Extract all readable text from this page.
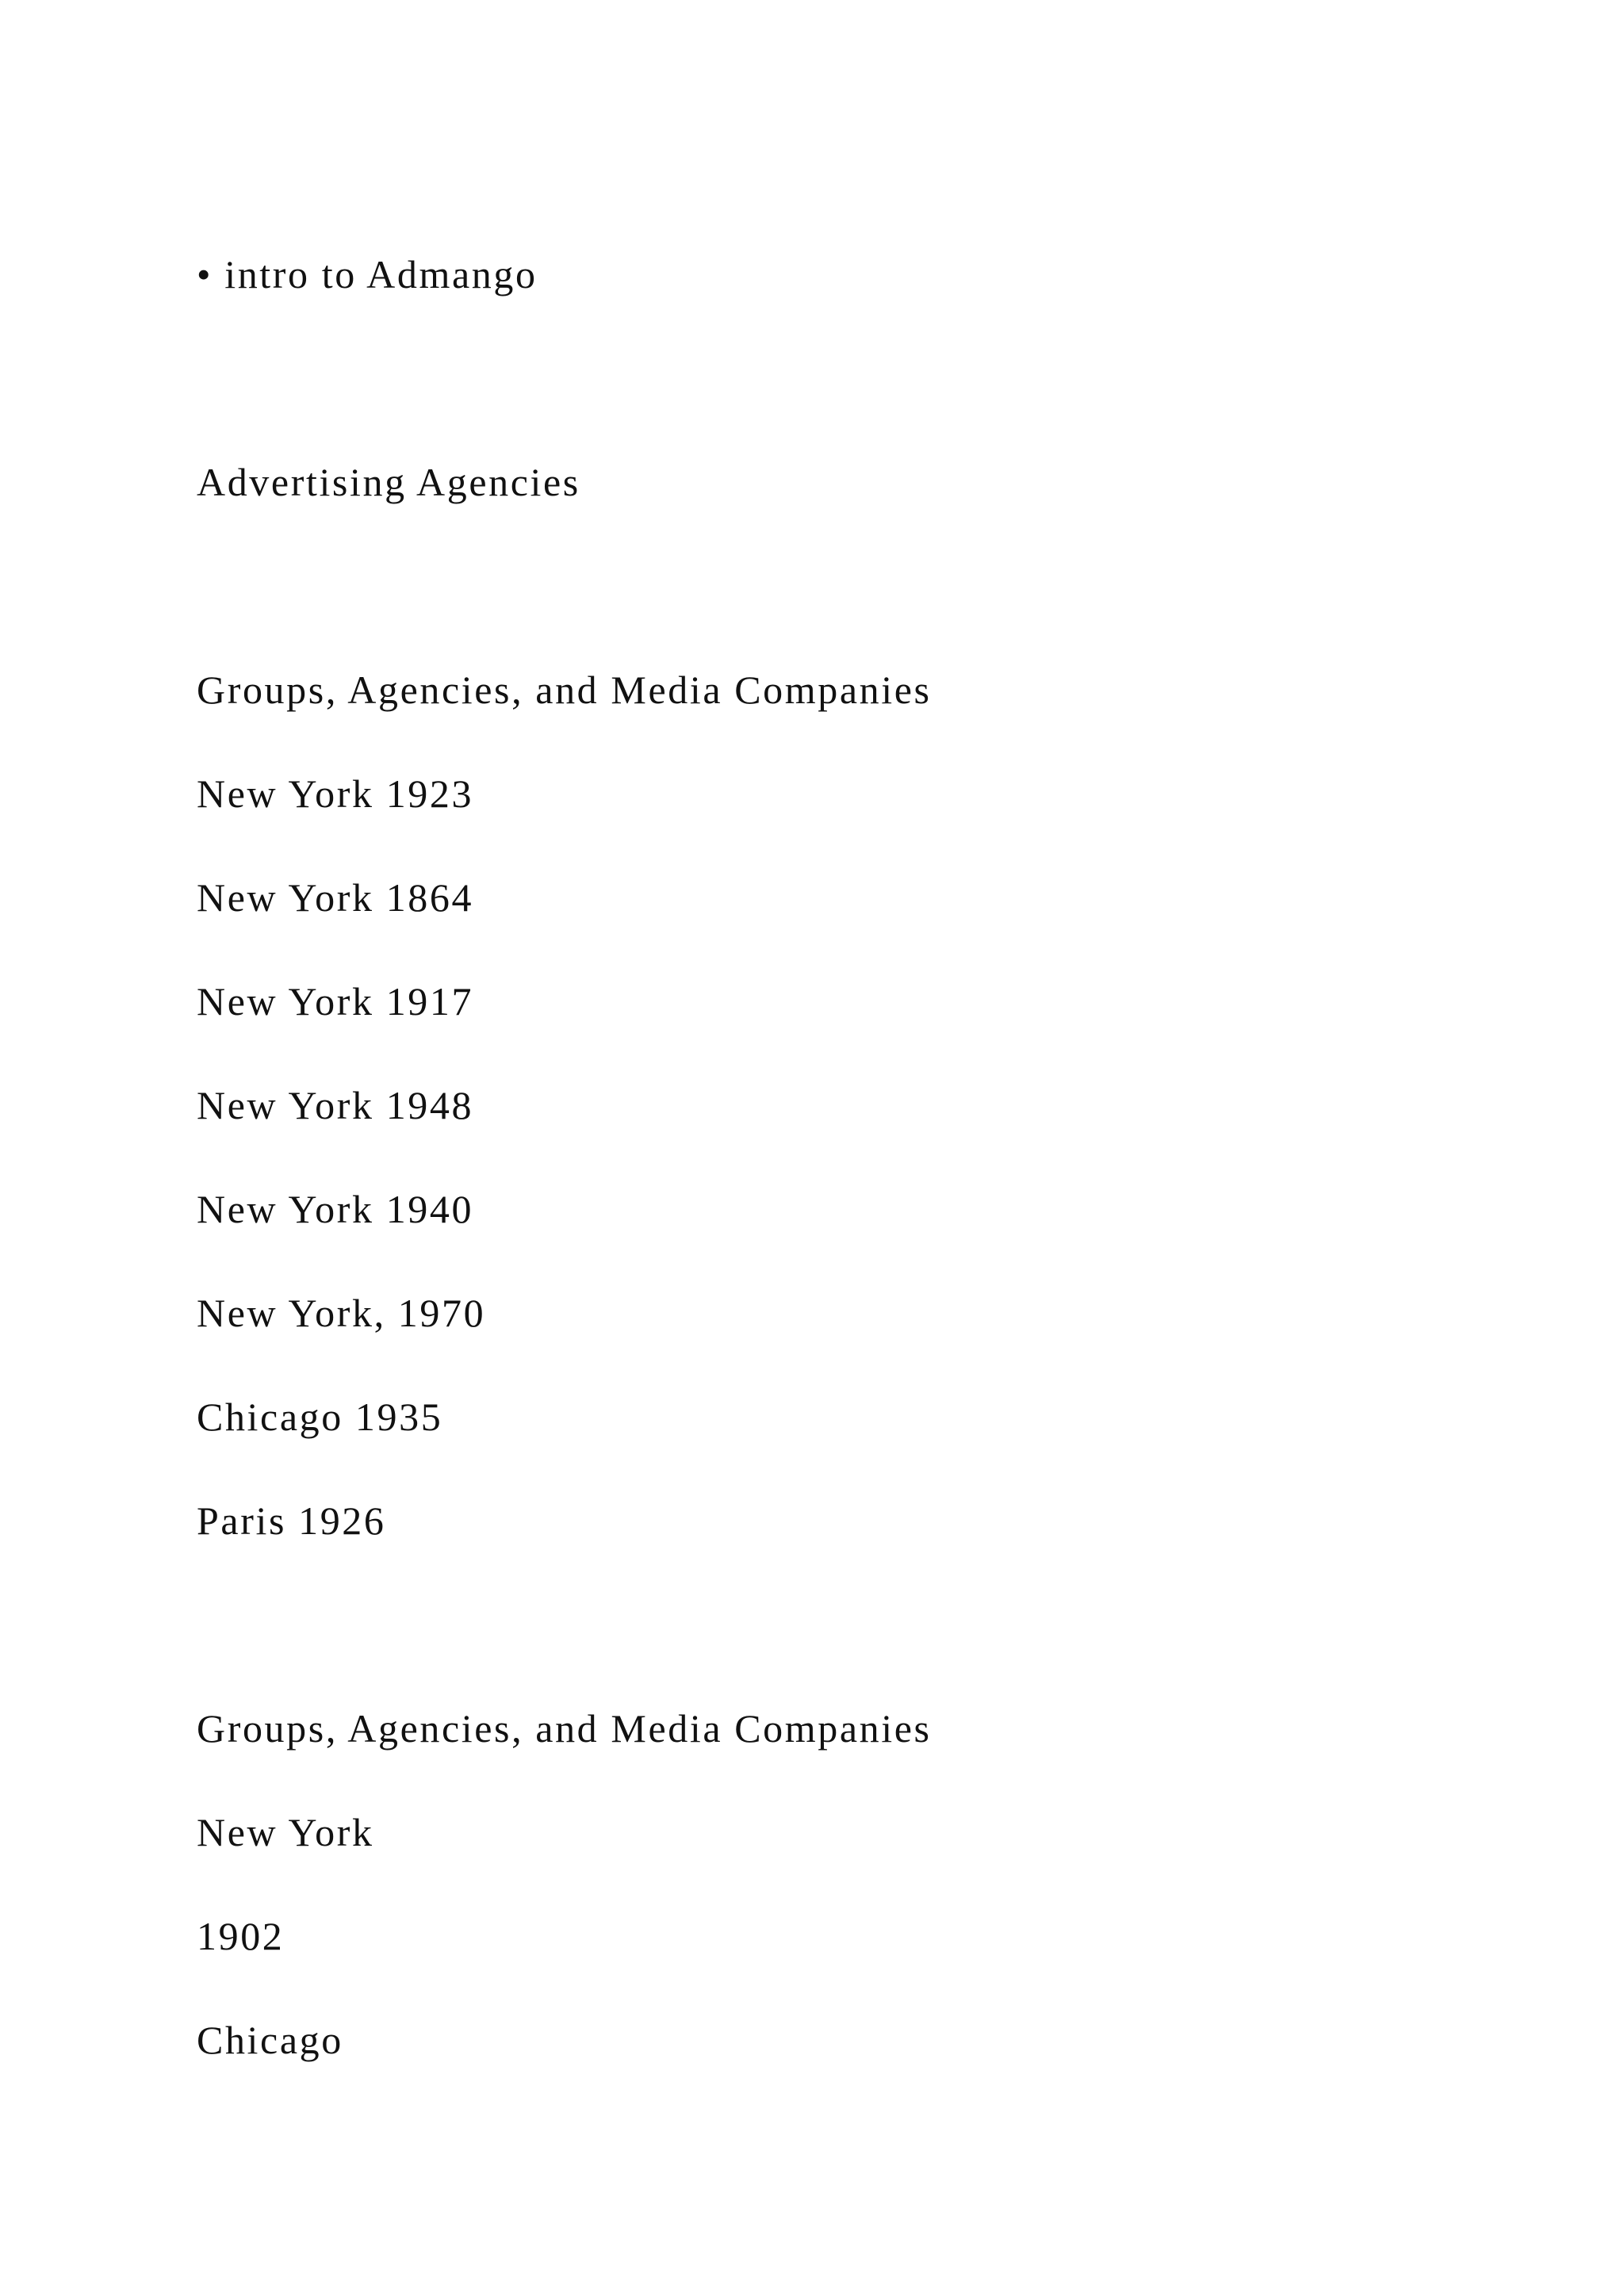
• intro to Admango
Advertising Agencies
Groups, Agencies, and Media Companies
New York 1923
New York 1864
New York 1917
New York 1948
New York 1940
New York, 1970
Chicago 1935
Paris 1926
Groups, Agencies, and Media Companies
New York
1902
Chicago
